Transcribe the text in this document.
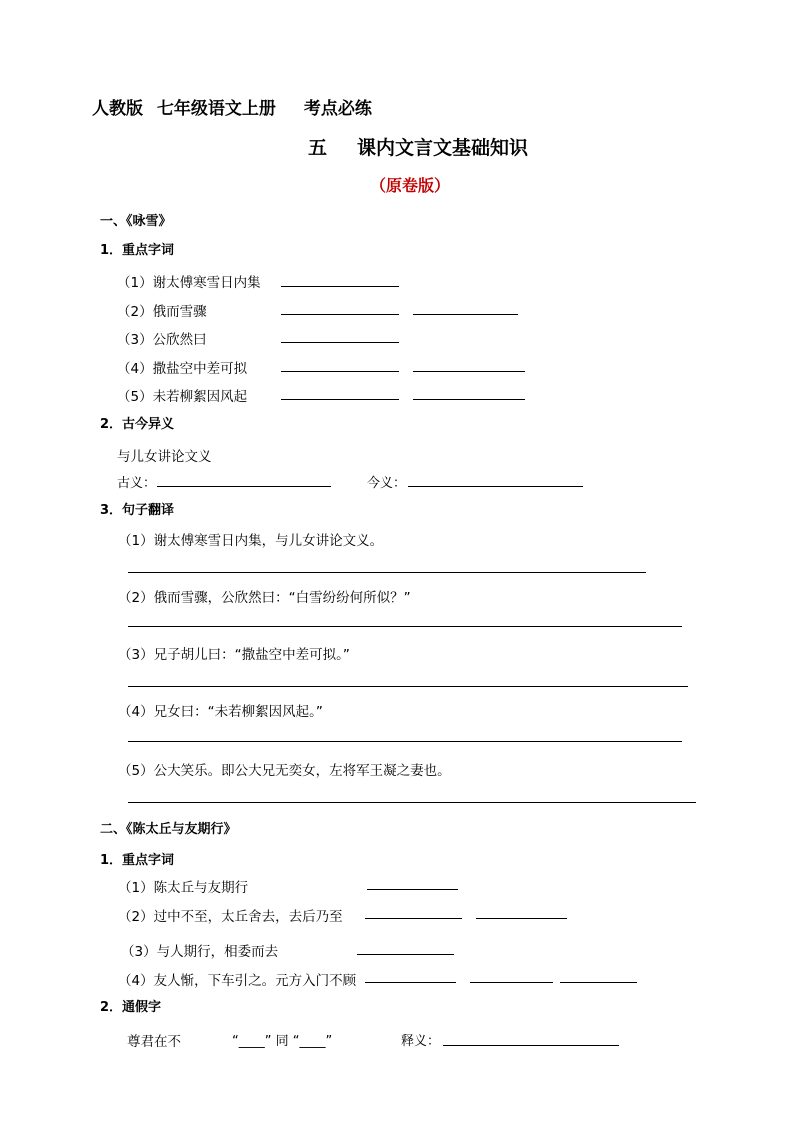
人教版 七年级语文上册 考点必练
五 课内文言文基础知识
（原卷版）
一、《咏雪》
1．重点字词
（1）谢太傅寒雪日内集
（2）俄而雪骤
（3）公欣然曰
（4）撒盐空中差可拟
（5）未若柳絮因风起
2．古今异义
与儿女讲论文义
古义：	今义：
3．句子翻译
（1）谢太傅寒雪日内集，与儿女讲论文义。
（2）俄而雪骤，公欣然曰：“白雪纷纷何所似？”
（3）兄子胡儿曰：“撒盐空中差可拟。”
（4）兄女曰：“未若柳絮因风起。”
（5）公大笑乐。即公大兄无奕女，左将军王凝之妻也。
二、《陈太丘与友期行》
1．重点字词
（1）陈太丘与友期行
（2）过中不至，太丘舍去，去后乃至
（3）与人期行，相委而去
（4）友人惭，下车引之。元方入门不顾
2．通假字
尊君在不	“____” 同 “____”	释义：
